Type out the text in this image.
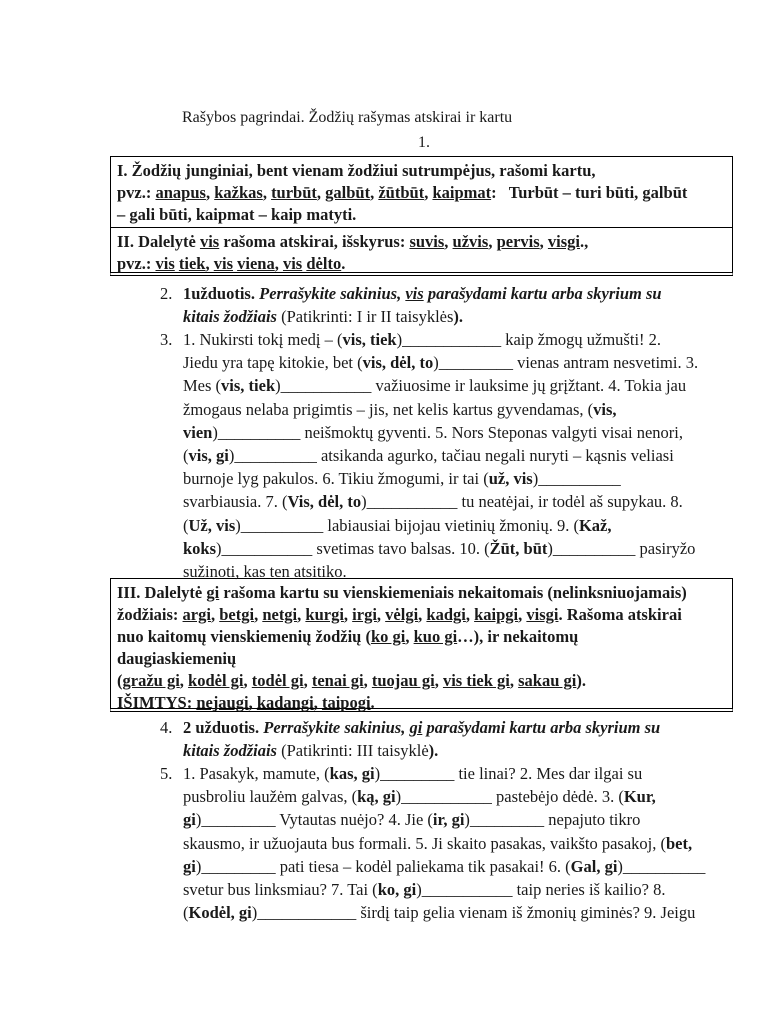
Rašybos pagrindai. Žodžių rašymas atskirai ir kartu
1.
I. Žodžių junginiai, bent vienam žodžiui sutrumpėjus, rašomi kartu,
pvz.: anapus, kažkas, turbūt, galbūt, žūtbūt, kaipmat:   Turbūt – turi būti, galbūt
– gali būti, kaipmat – kaip matyti.
II. Dalelytė vis rašoma atskirai, išskyrus: suvis, užvis, pervis, visgi.,
pvz.: vis tiek, vis viena, vis dėlto.
III. Dalelytė gi rašoma kartu su vienskiemeniais nekaitomais (nelinksniuojamais)
žodžiais: argi, betgi, netgi, kurgi, irgi, vėlgi, kadgi, kaipgi, visgi. Rašoma atskirai
nuo kaitomų vienskiemenių žodžių (ko gi, kuo gi…), ir nekaitomų
daugiaskiemenių
(gražu gi, kodėl gi, todėl gi, tenai gi, tuojau gi, vis tiek gi, sakau gi).
IŠIMTYS: nejaugi, kadangi, taipogi.
2. 1užduotis. Perrašykite sakinius, vis parašydami kartu arba skyrium su
kitais žodžiais (Patikrinti: I ir II taisyklės).
3. 1. Nukirsti tokį medį – (vis, tiek)____________ kaip žmogų užmušti! 2.
Jiedu yra tapę kitokie, bet (vis, dėl, to)_________ vienas antram nesvetimi. 3.
Mes (vis, tiek)___________ važiuosime ir lauksime jų grįžtant. 4. Tokia jau
žmogaus nelaba prigimtis – jis, net kelis kartus gyvendamas, (vis,
vien)__________ neišmoktų gyventi. 5. Nors Steponas valgyti visai nenori,
(vis, gi)__________ atsikanda agurko, tačiau negali nuryti – kąsnis veliasi
burnoje lyg pakulos. 6. Tikiu žmogumi, ir tai (už, vis)__________
svarbiausia. 7. (Vis, dėl, to)___________ tu neatėjai, ir todėl aš supykau. 8.
(Už, vis)__________ labiausiai bijojau vietinių žmonių. 9. (Kaž,
koks)___________ svetimas tavo balsas. 10. (Žūt, būt)__________ pasiryžo
sužinoti, kas ten atsitiko.
4. 2 užduotis. Perrašykite sakinius, gi parašydami kartu arba skyrium su
kitais žodžiais (Patikrinti: III taisyklė).
5. 1. Pasakyk, mamute, (kas, gi)_________ tie linai? 2. Mes dar ilgai su
pusbroliu laužėm galvas, (ką, gi)___________ pastebėjo dėdė. 3. (Kur,
gi)_________ Vytautas nuėjo? 4. Jie (ir, gi)_________ nepajuto tikro
skausmo, ir užuojauta bus formali. 5. Ji skaito pasakas, vaikšto pasakoj, (bet,
gi)_________ pati tiesa – kodėl paliekama tik pasakai! 6. (Gal, gi)__________
svetur bus linksmiau? 7. Tai (ko, gi)___________ taip neries iš kailio? 8.
(Kodėl, gi)____________ širdį taip gelia vienam iš žmonių giminės? 9. Jeigu
